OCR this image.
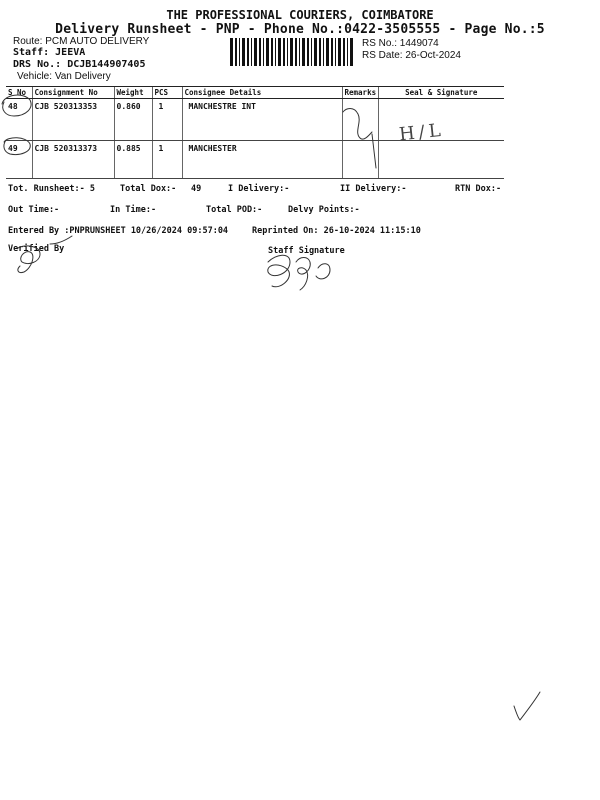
THE PROFESSIONAL COURIERS, COIMBATORE
Delivery Runsheet - PNP - Phone No.:0422-3505555 - Page No.:5
Route: PCM AUTO DELIVERY
Staff: JEEVA
DRS No.: DCJB144907405
Vehicle: Van Delivery
RS No.: 1449074
RS Date: 26-Oct-2024
S No	Consignment No	Weight	PCS	Consignee Details	Remarks	Seal & Signature
48	CJB 520313353	0.860	1	MANCHESTRE INT		
49	CJB 520313373	0.885	1	MANCHESTER		
Tot. Runsheet:- 5	Total Dox:- 49	I Delivery:-	II Delivery:-	RTN Dox:-
Out Time:-	In Time:-	Total POD:-	Delvy Points:-
Entered By :PNPRUNSHEET 10/26/2024 09:57:04	Reprinted On: 26-10-2024 11:15:10
Verified By	Staff Signature
H/L
